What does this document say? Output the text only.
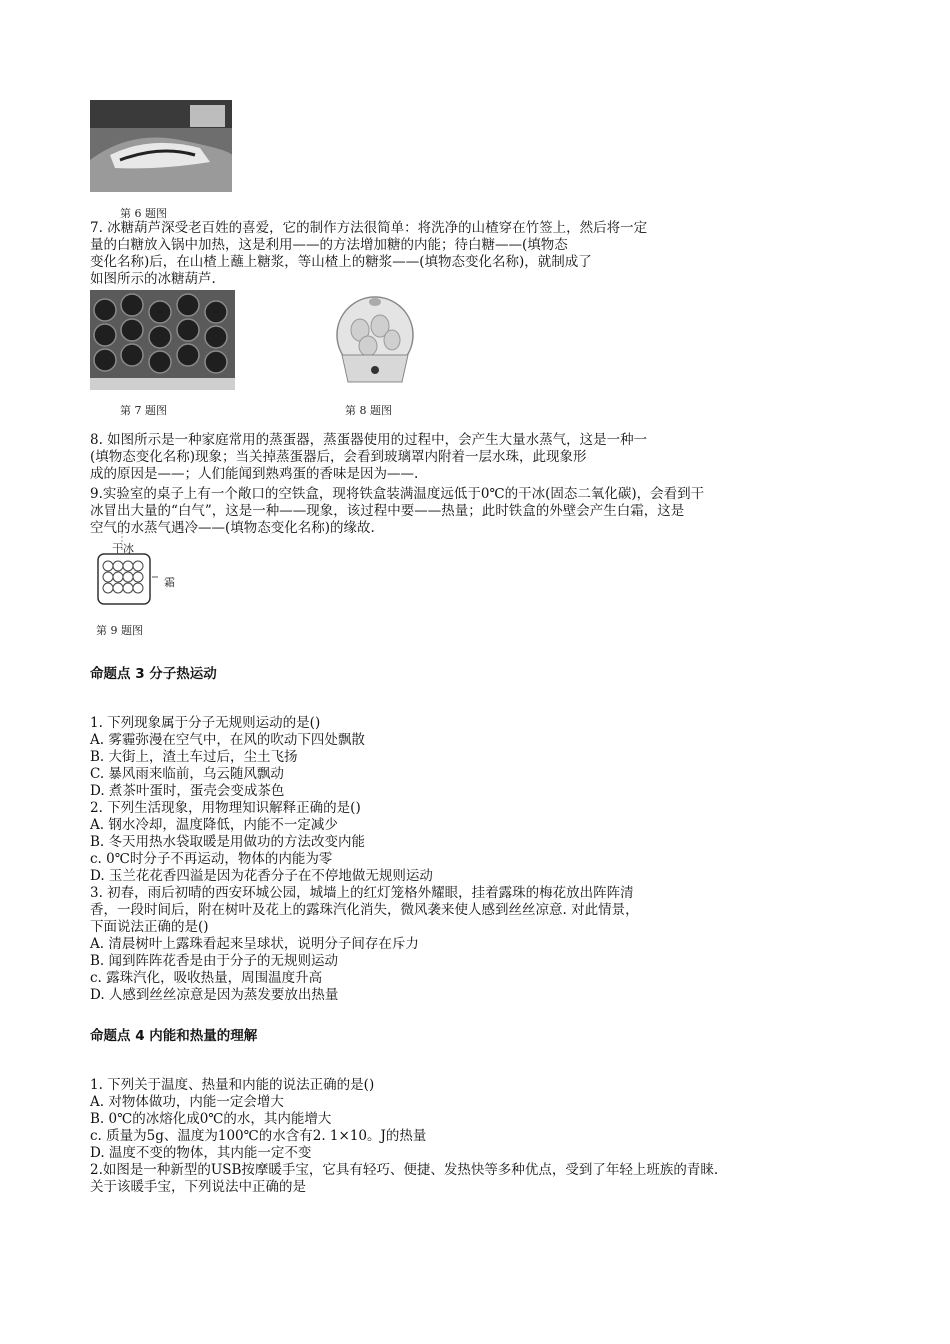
第 6 题图
7. 冰糖葫芦深受老百姓的喜爱，它的制作方法很简单：将洗净的山楂穿在竹签上，然后将一定
量的白糖放入锅中加热，这是利用——的方法增加糖的内能；待白糖——(填物态
变化名称)后，在山楂上蘸上糖浆，等山楂上的糖浆——(填物态变化名称)，就制成了
如图所示的冰糖葫芦.
第 7 题图	第 8 题图
8. 如图所示是一种家庭常用的蒸蛋器，蒸蛋器使用的过程中，会产生大量水蒸气，这是一种一
(填物态变化名称)现象；当关掉蒸蛋器后，会看到玻璃罩内附着一层水珠，此现象形
成的原因是——；人们能闻到熟鸡蛋的香味是因为——.
9.实验室的桌子上有一个敞口的空铁盒，现将铁盒装满温度远低于0℃的干冰(固态二氧化碳)，会看到干
冰冒出大量的“白气”，这是一种——现象，该过程中要——热量；此时铁盒的外壁会产生白霜，这是
空气的水蒸气遇冷——(填物态变化名称)的缘故.
干冰
霜
第 9 题图
命题点 3 分子热运动
1. 下列现象属于分子无规则运动的是()
A. 雾霾弥漫在空气中，在风的吹动下四处飘散
B. 大街上，渣土车过后，尘土飞扬
C. 暴风雨来临前，乌云随风飘动
D. 煮茶叶蛋时，蛋壳会变成茶色
2. 下列生活现象，用物理知识解释正确的是()
A. 钢水冷却，温度降低，内能不一定减少
B. 冬天用热水袋取暖是用做功的方法改变内能
c. 0℃时分子不再运动，物体的内能为零
D. 玉兰花花香四溢是因为花香分子在不停地做无规则运动
3. 初春，雨后初晴的西安环城公园，城墙上的红灯笼格外耀眼，挂着露珠的梅花放出阵阵清
香，一段时间后，附在树叶及花上的露珠汽化消失，微风袭来使人感到丝丝凉意. 对此情景，
下面说法正确的是()
A. 清晨树叶上露珠看起来呈球状，说明分子间存在斥力
B. 闻到阵阵花香是由于分子的无规则运动
c. 露珠汽化，吸收热量，周围温度升高
D. 人感到丝丝凉意是因为蒸发要放出热量
命题点 4 内能和热量的理解
1. 下列关于温度、热量和内能的说法正确的是()
A. 对物体做功，内能一定会增大
B. 0℃的冰熔化成0℃的水，其内能增大
c. 质量为5g、温度为100℃的水含有2. 1×10。J的热量
D. 温度不变的物体，其内能一定不变
2.如图是一种新型的USB按摩暖手宝，它具有轻巧、便捷、发热快等多种优点，受到了年轻上班族的青睐.
关于该暖手宝，下列说法中正确的是
